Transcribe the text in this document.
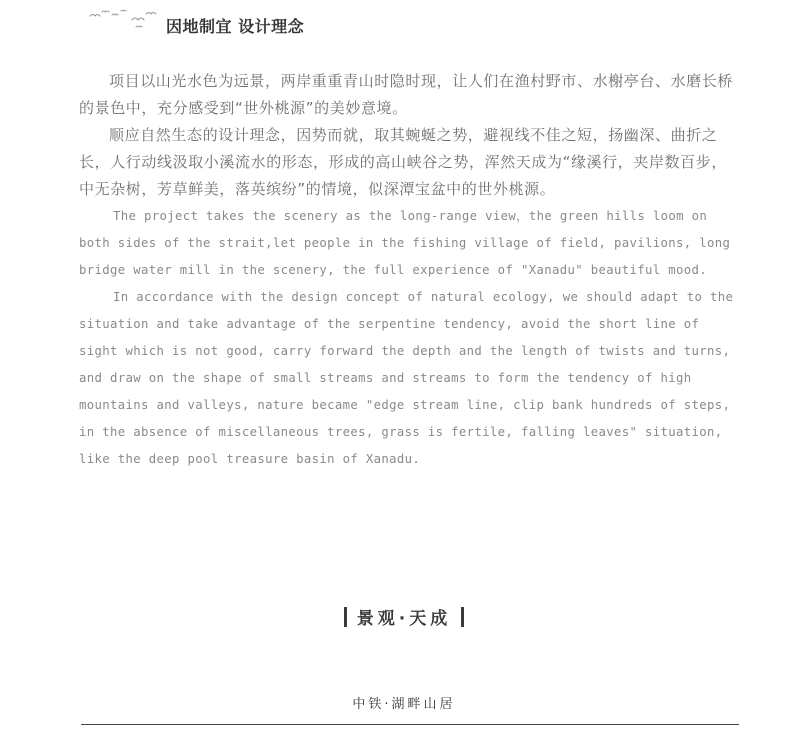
因地制宜 设计理念

项目以山光水色为远景，两岸重重青山时隐时现，让人们在渔村野市、水榭亭台、水磨长桥的景色中，充分感受到“世外桃源”的美妙意境。

顺应自然生态的设计理念，因势而就，取其蜿蜒之势，避视线不佳之短，扬幽深、曲折之长，人行动线汲取小溪流水的形态，形成的高山峡谷之势，浑然天成为“缘溪行，夹岸数百步，中无杂树，芳草鲜美，落英缤纷”的情境，似深潭宝盆中的世外桃源。

The project takes the scenery as the long-range view，the green hills loom on both sides of the strait,let people in the fishing village of field, pavilions, long bridge water mill in the scenery, the full experience of "Xanadu" beautiful mood.

In accordance with the design concept of natural ecology, we should adapt to the situation and take advantage of the serpentine tendency, avoid the short line of sight which is not good, carry forward the depth and the length of twists and turns, and draw on the shape of small streams and streams to form the tendency of high mountains and valleys, nature became "edge stream line, clip bank hundreds of steps, in the absence of miscellaneous trees, grass is fertile, falling leaves" situation, like the deep pool treasure basin of Xanadu.

景观·天成
中铁·湖畔山居
